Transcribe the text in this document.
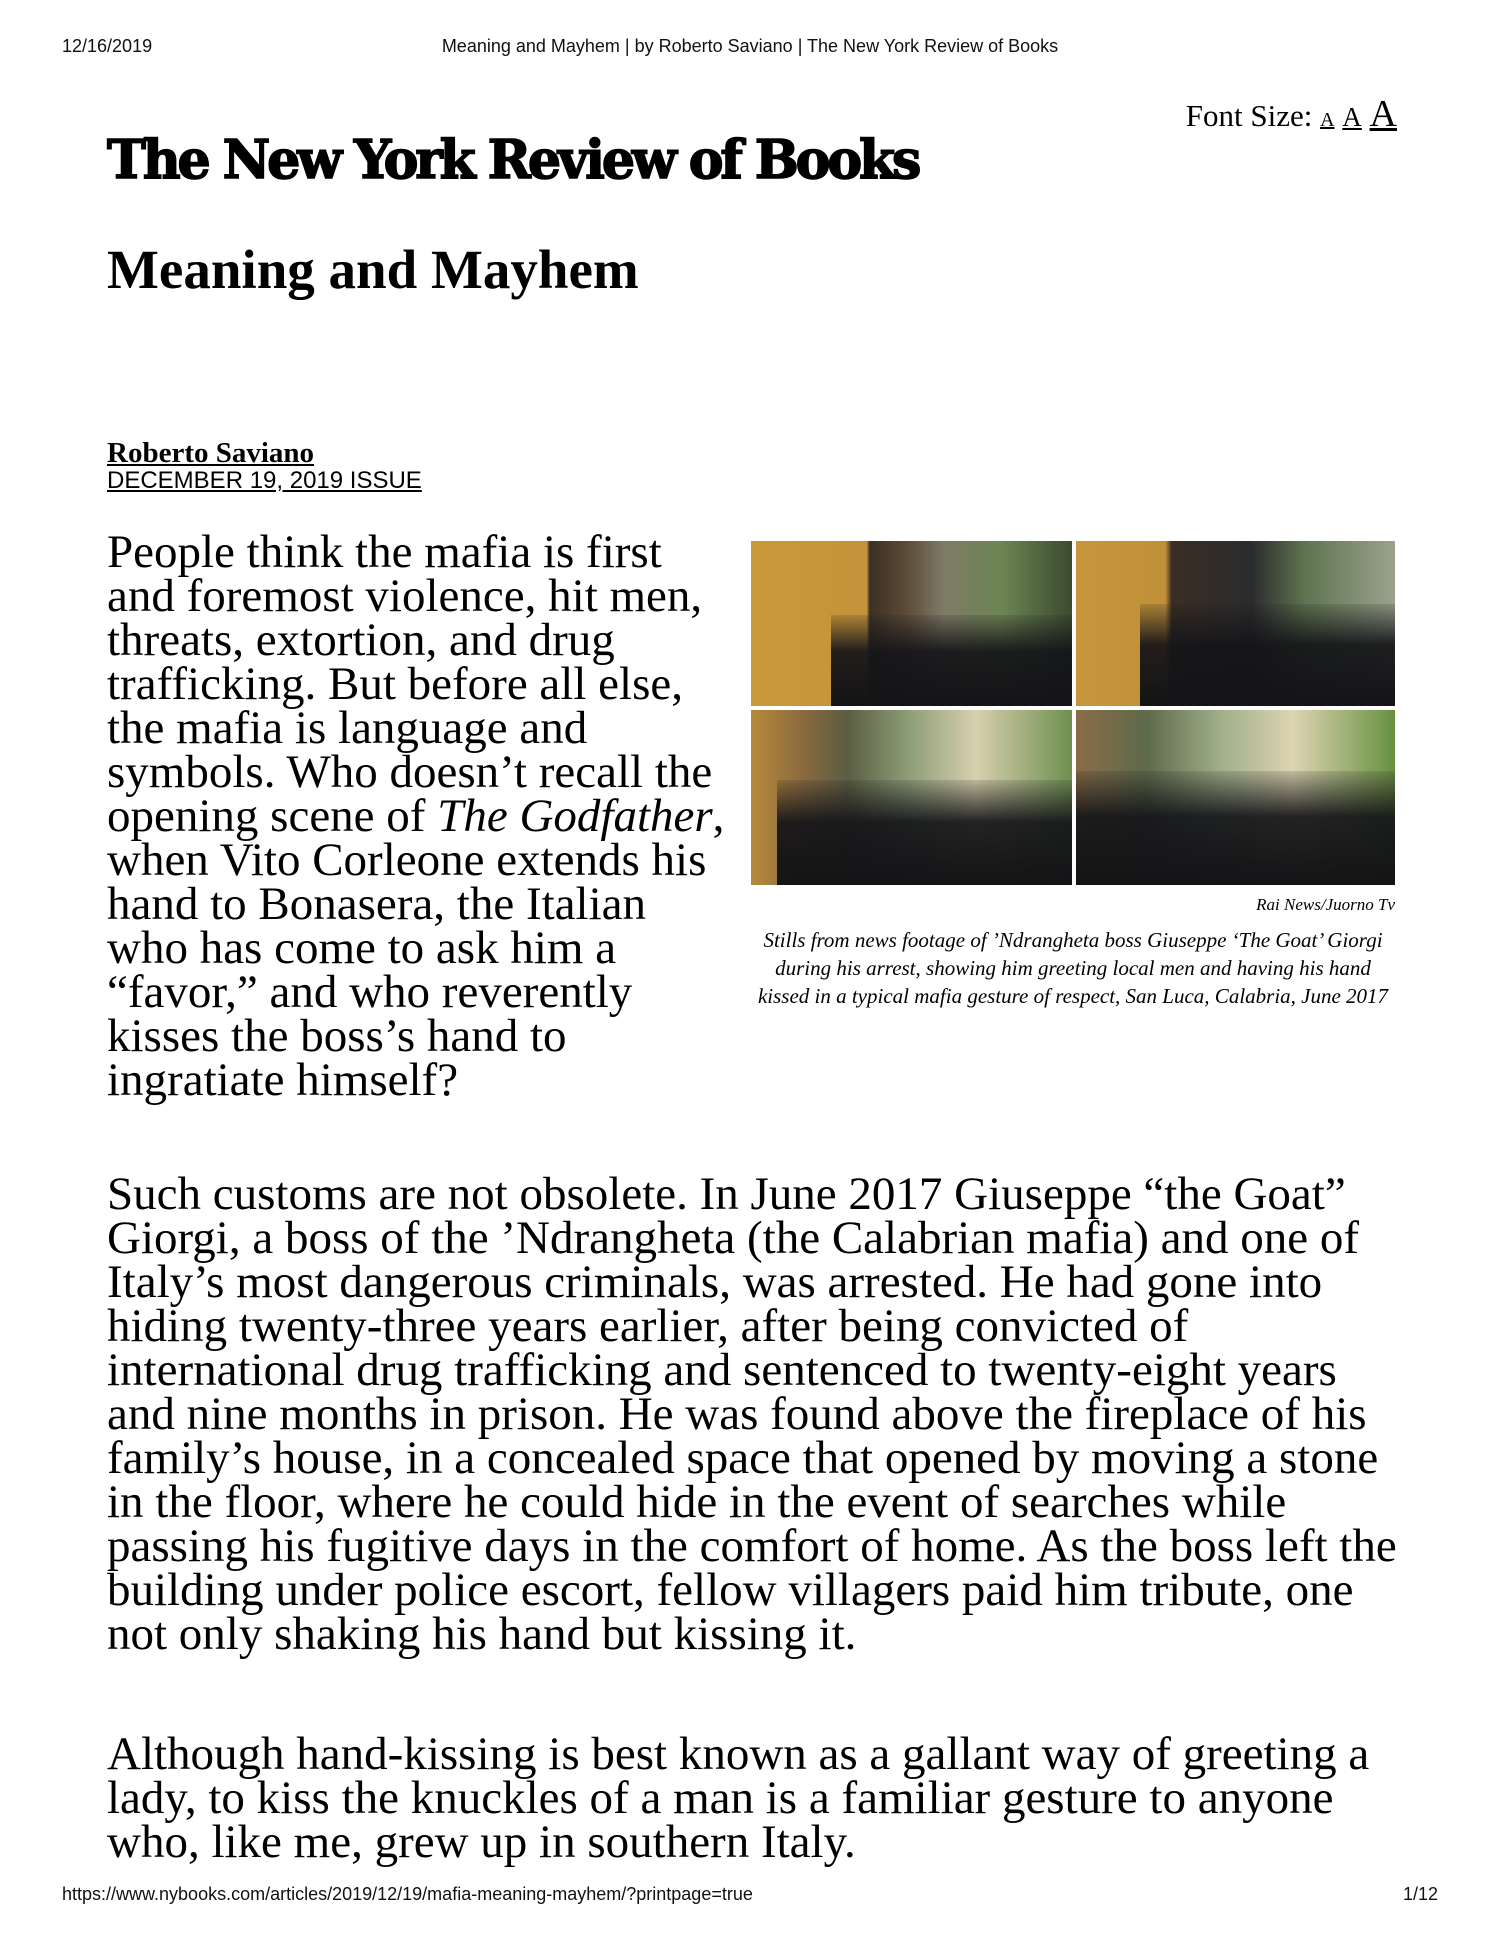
12/16/2019	Meaning and Mayhem | by Roberto Saviano | The New York Review of Books
Font Size: A A A
The New York Review of Books
Meaning and Mayhem
Roberto Saviano
DECEMBER 19, 2019 ISSUE

People think the mafia is first and foremost violence, hit men, threats, extortion, and drug trafficking. But before all else, the mafia is language and symbols. Who doesn’t recall the opening scene of The Godfather, when Vito Corleone extends his hand to Bonasera, the Italian who has come to ask him a “favor,” and who reverently kisses the boss’s hand to ingratiate himself?

Rai News/Juorno Tv
Stills from news footage of ’Ndrangheta boss Giuseppe ‘The Goat’ Giorgi during his arrest, showing him greeting local men and having his hand kissed in a typical mafia gesture of respect, San Luca, Calabria, June 2017

Such customs are not obsolete. In June 2017 Giuseppe “the Goat” Giorgi, a boss of the ’Ndrangheta (the Calabrian mafia) and one of Italy’s most dangerous criminals, was arrested. He had gone into hiding twenty-three years earlier, after being convicted of international drug trafficking and sentenced to twenty-eight years and nine months in prison. He was found above the fireplace of his family’s house, in a concealed space that opened by moving a stone in the floor, where he could hide in the event of searches while passing his fugitive days in the comfort of home. As the boss left the building under police escort, fellow villagers paid him tribute, one not only shaking his hand but kissing it.

Although hand-kissing is best known as a gallant way of greeting a lady, to kiss the knuckles of a man is a familiar gesture to anyone who, like me, grew up in southern Italy.

https://www.nybooks.com/articles/2019/12/19/mafia-meaning-mayhem/?printpage=true	1/12
